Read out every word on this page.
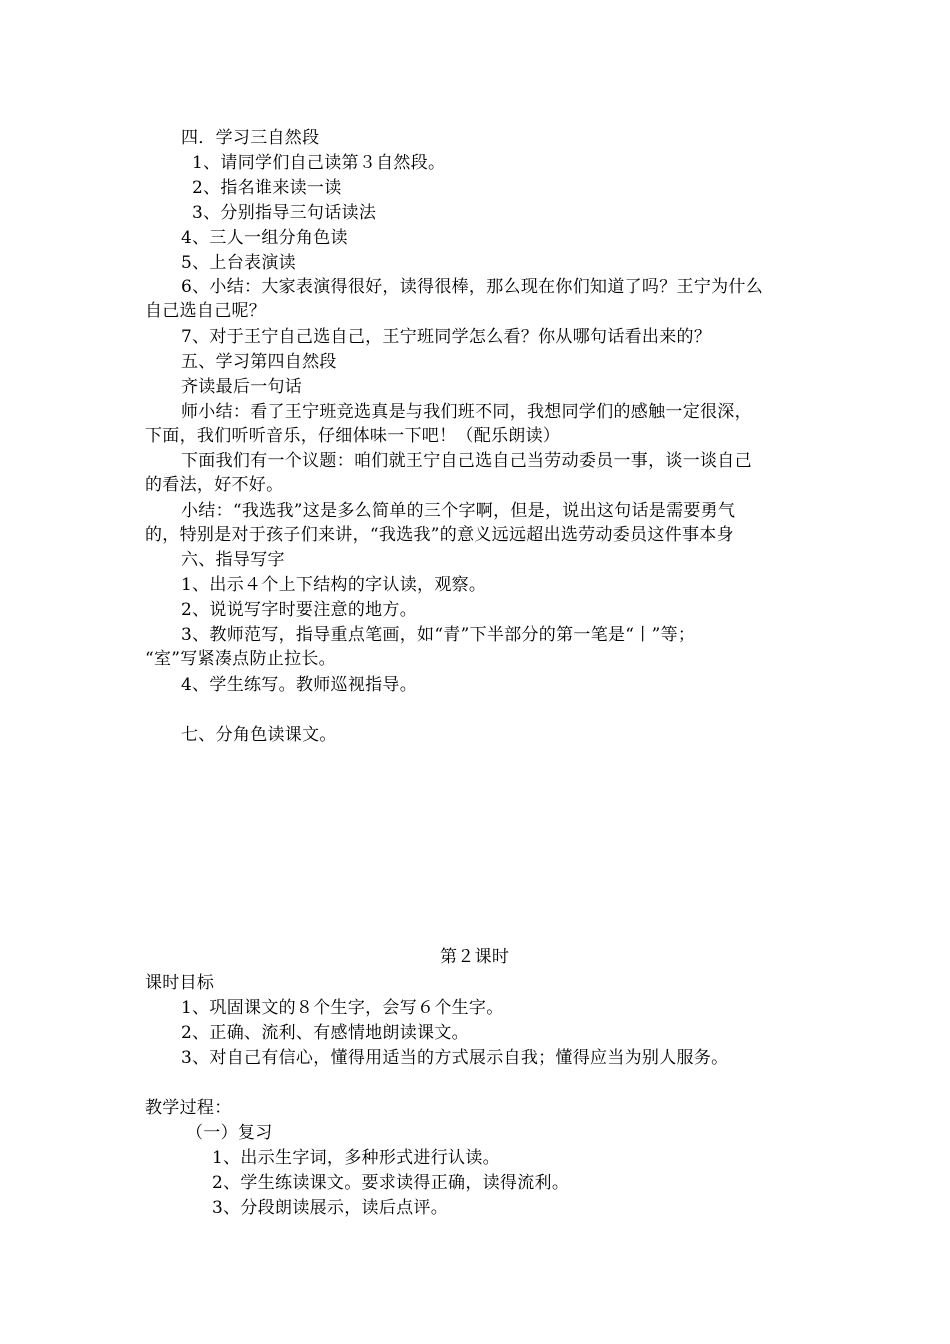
四．学习三自然段
1、请同学们自己读第３自然段。
2、指名谁来读一读
3、分别指导三句话读法
4、三人一组分角色读
5、上台表演读
6、小结：大家表演得很好，读得很棒，那么现在你们知道了吗？王宁为什么
自己选自己呢？
7、对于王宁自己选自己，王宁班同学怎么看？你从哪句话看出来的？
五、学习第四自然段
齐读最后一句话
师小结：看了王宁班竞选真是与我们班不同，我想同学们的感触一定很深，
下面，我们听听音乐，仔细体味一下吧！（配乐朗读）
下面我们有一个议题：咱们就王宁自己选自己当劳动委员一事，谈一谈自己
的看法，好不好。
小结：“我选我”这是多么简单的三个字啊，但是，说出这句话是需要勇气
的，特别是对于孩子们来讲，“我选我”的意义远远超出选劳动委员这件事本身
六、指导写字
1、出示４个上下结构的字认读，观察。
2、说说写字时要注意的地方。
3、教师范写，指导重点笔画，如“青”下半部分的第一笔是“丨”等；
“室”写紧凑点防止拉长。
4、学生练写。教师巡视指导。
七、分角色读课文。
第２课时
课时目标
1、巩固课文的８个生字，会写６个生字。
2、正确、流利、有感情地朗读课文。
3、对自己有信心，懂得用适当的方式展示自我；懂得应当为别人服务。
教学过程：
（一）复习
1、出示生字词，多种形式进行认读。
2、学生练读课文。要求读得正确，读得流利。
3、分段朗读展示，读后点评。
